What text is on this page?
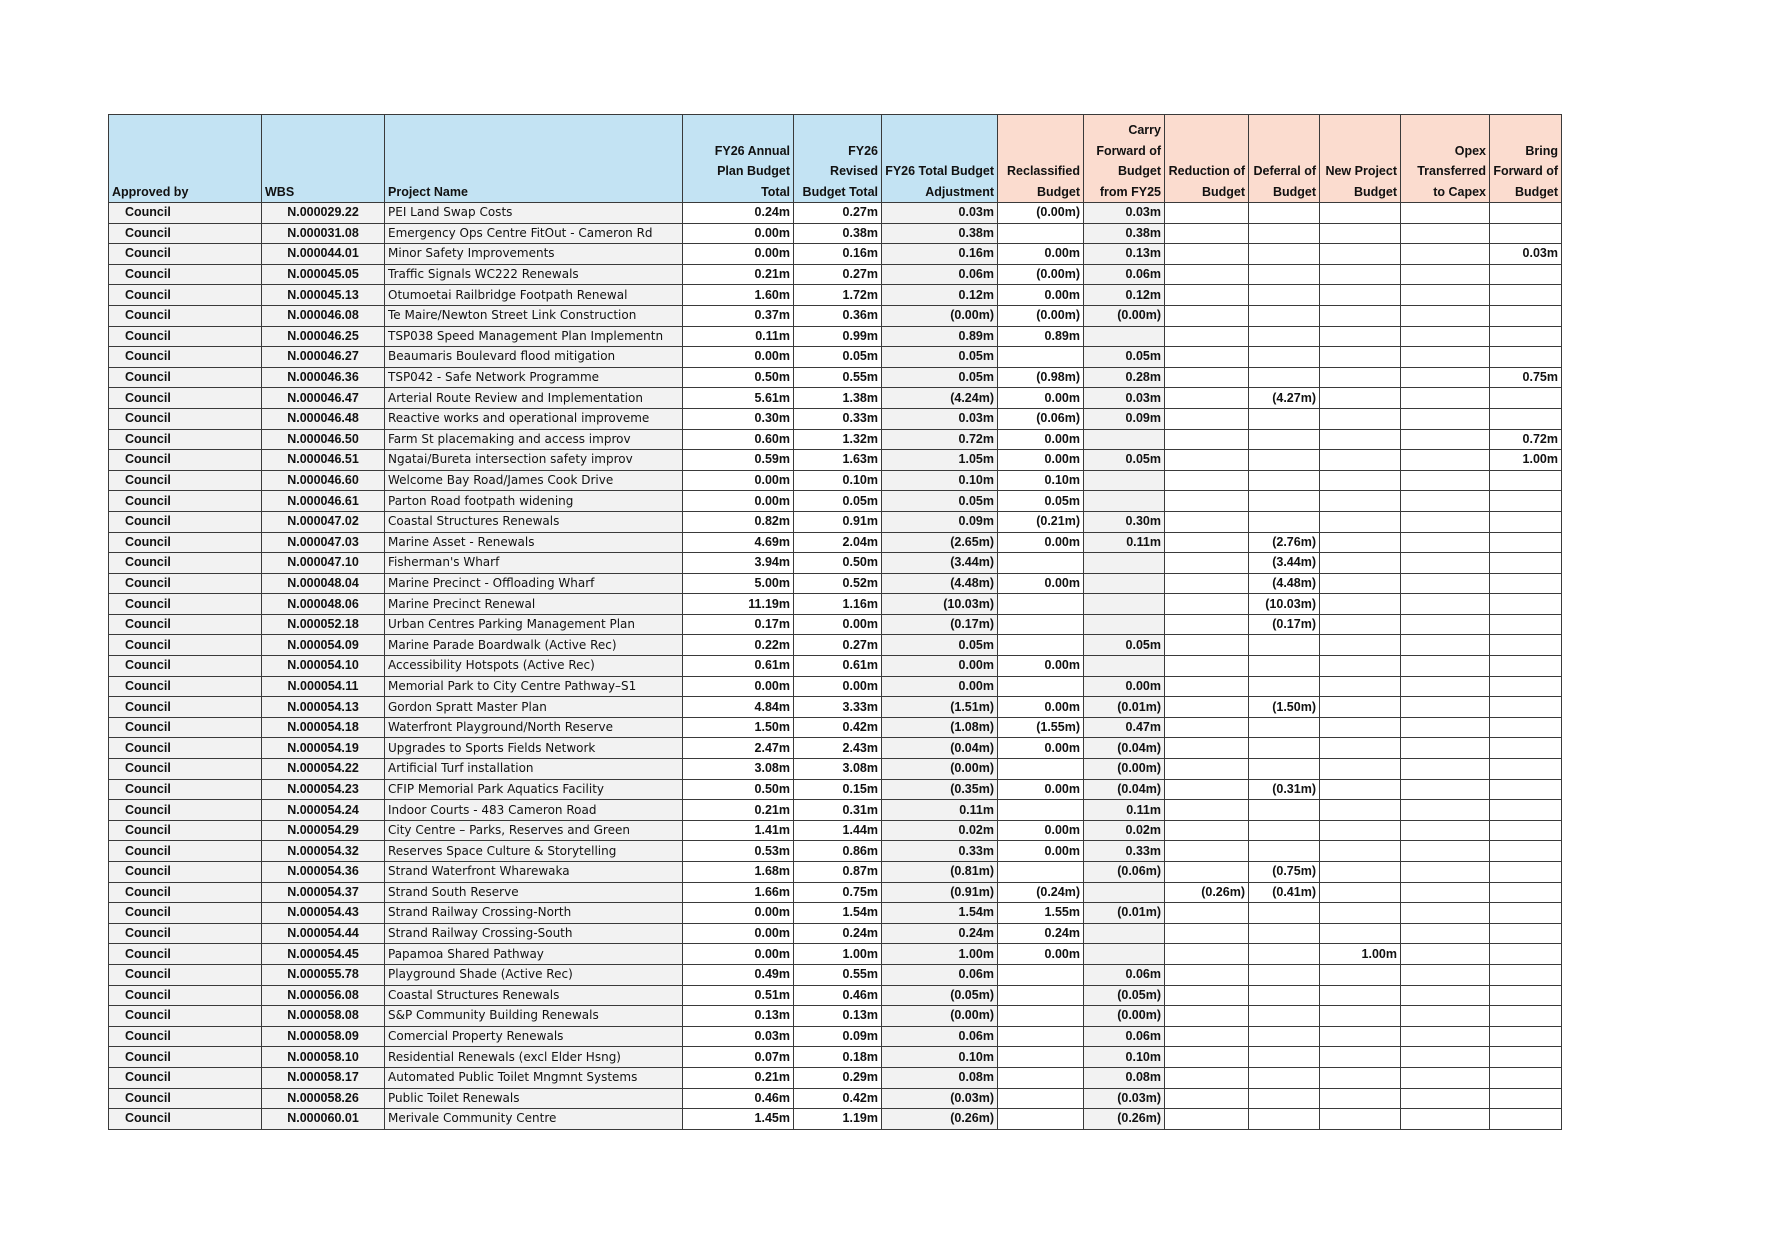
Approved by	WBS	Project Name	FY26 Annual Plan Budget Total	FY26 Revised Budget Total	FY26 Total Budget Adjustment	Reclassified Budget	Carry Forward of Budget from FY25	Reduction of Budget	Deferral of Budget	New Project Budget	Opex Transferred to Capex	Bring Forward of Budget
Council	N.000029.22	PEI Land Swap Costs	0.24m	0.27m	0.03m	(0.00m)	0.03m					
Council	N.000031.08	Emergency Ops Centre FitOut - Cameron Rd	0.00m	0.38m	0.38m		0.38m					
Council	N.000044.01	Minor Safety Improvements	0.00m	0.16m	0.16m	0.00m	0.13m					0.03m
Council	N.000045.05	Traffic Signals WC222 Renewals	0.21m	0.27m	0.06m	(0.00m)	0.06m					
Council	N.000045.13	Otumoetai Railbridge Footpath Renewal	1.60m	1.72m	0.12m	0.00m	0.12m					
Council	N.000046.08	Te Maire/Newton Street Link Construction	0.37m	0.36m	(0.00m)	(0.00m)	(0.00m)					
Council	N.000046.25	TSP038 Speed Management Plan Implementn	0.11m	0.99m	0.89m	0.89m						
Council	N.000046.27	Beaumaris Boulevard flood mitigation	0.00m	0.05m	0.05m		0.05m					
Council	N.000046.36	TSP042 - Safe Network Programme	0.50m	0.55m	0.05m	(0.98m)	0.28m					0.75m
Council	N.000046.47	Arterial Route Review and Implementation	5.61m	1.38m	(4.24m)	0.00m	0.03m		(4.27m)			
Council	N.000046.48	Reactive works and operational improveme	0.30m	0.33m	0.03m	(0.06m)	0.09m					
Council	N.000046.50	Farm St placemaking and access improv	0.60m	1.32m	0.72m	0.00m						0.72m
Council	N.000046.51	Ngatai/Bureta intersection safety improv	0.59m	1.63m	1.05m	0.00m	0.05m					1.00m
Council	N.000046.60	Welcome Bay Road/James Cook Drive	0.00m	0.10m	0.10m	0.10m						
Council	N.000046.61	Parton Road footpath widening	0.00m	0.05m	0.05m	0.05m						
Council	N.000047.02	Coastal Structures Renewals	0.82m	0.91m	0.09m	(0.21m)	0.30m					
Council	N.000047.03	Marine Asset - Renewals	4.69m	2.04m	(2.65m)	0.00m	0.11m		(2.76m)			
Council	N.000047.10	Fisherman's Wharf	3.94m	0.50m	(3.44m)				(3.44m)			
Council	N.000048.04	Marine Precinct - Offloading Wharf	5.00m	0.52m	(4.48m)	0.00m			(4.48m)			
Council	N.000048.06	Marine Precinct Renewal	11.19m	1.16m	(10.03m)				(10.03m)			
Council	N.000052.18	Urban Centres Parking Management Plan	0.17m	0.00m	(0.17m)				(0.17m)			
Council	N.000054.09	Marine Parade Boardwalk (Active Rec)	0.22m	0.27m	0.05m		0.05m					
Council	N.000054.10	Accessibility Hotspots (Active Rec)	0.61m	0.61m	0.00m	0.00m						
Council	N.000054.11	Memorial Park to City Centre Pathway–S1	0.00m	0.00m	0.00m		0.00m					
Council	N.000054.13	Gordon Spratt Master Plan	4.84m	3.33m	(1.51m)	0.00m	(0.01m)		(1.50m)			
Council	N.000054.18	Waterfront Playground/North Reserve	1.50m	0.42m	(1.08m)	(1.55m)	0.47m					
Council	N.000054.19	Upgrades to Sports Fields Network	2.47m	2.43m	(0.04m)	0.00m	(0.04m)					
Council	N.000054.22	Artificial Turf installation	3.08m	3.08m	(0.00m)		(0.00m)					
Council	N.000054.23	CFIP Memorial Park Aquatics Facility	0.50m	0.15m	(0.35m)	0.00m	(0.04m)		(0.31m)			
Council	N.000054.24	Indoor Courts - 483 Cameron Road	0.21m	0.31m	0.11m		0.11m					
Council	N.000054.29	City Centre – Parks, Reserves and Green	1.41m	1.44m	0.02m	0.00m	0.02m					
Council	N.000054.32	Reserves Space Culture & Storytelling	0.53m	0.86m	0.33m	0.00m	0.33m					
Council	N.000054.36	Strand Waterfront Wharewaka	1.68m	0.87m	(0.81m)		(0.06m)		(0.75m)			
Council	N.000054.37	Strand South Reserve	1.66m	0.75m	(0.91m)	(0.24m)		(0.26m)	(0.41m)			
Council	N.000054.43	Strand Railway Crossing-North	0.00m	1.54m	1.54m	1.55m	(0.01m)					
Council	N.000054.44	Strand Railway Crossing-South	0.00m	0.24m	0.24m	0.24m						
Council	N.000054.45	Papamoa Shared Pathway	0.00m	1.00m	1.00m	0.00m				1.00m		
Council	N.000055.78	Playground Shade (Active Rec)	0.49m	0.55m	0.06m		0.06m					
Council	N.000056.08	Coastal Structures Renewals	0.51m	0.46m	(0.05m)		(0.05m)					
Council	N.000058.08	S&P Community Building Renewals	0.13m	0.13m	(0.00m)		(0.00m)					
Council	N.000058.09	Comercial Property Renewals	0.03m	0.09m	0.06m		0.06m					
Council	N.000058.10	Residential Renewals (excl Elder Hsng)	0.07m	0.18m	0.10m		0.10m					
Council	N.000058.17	Automated Public Toilet Mngmnt Systems	0.21m	0.29m	0.08m		0.08m					
Council	N.000058.26	Public Toilet Renewals	0.46m	0.42m	(0.03m)		(0.03m)					
Council	N.000060.01	Merivale Community Centre	1.45m	1.19m	(0.26m)		(0.26m)					
